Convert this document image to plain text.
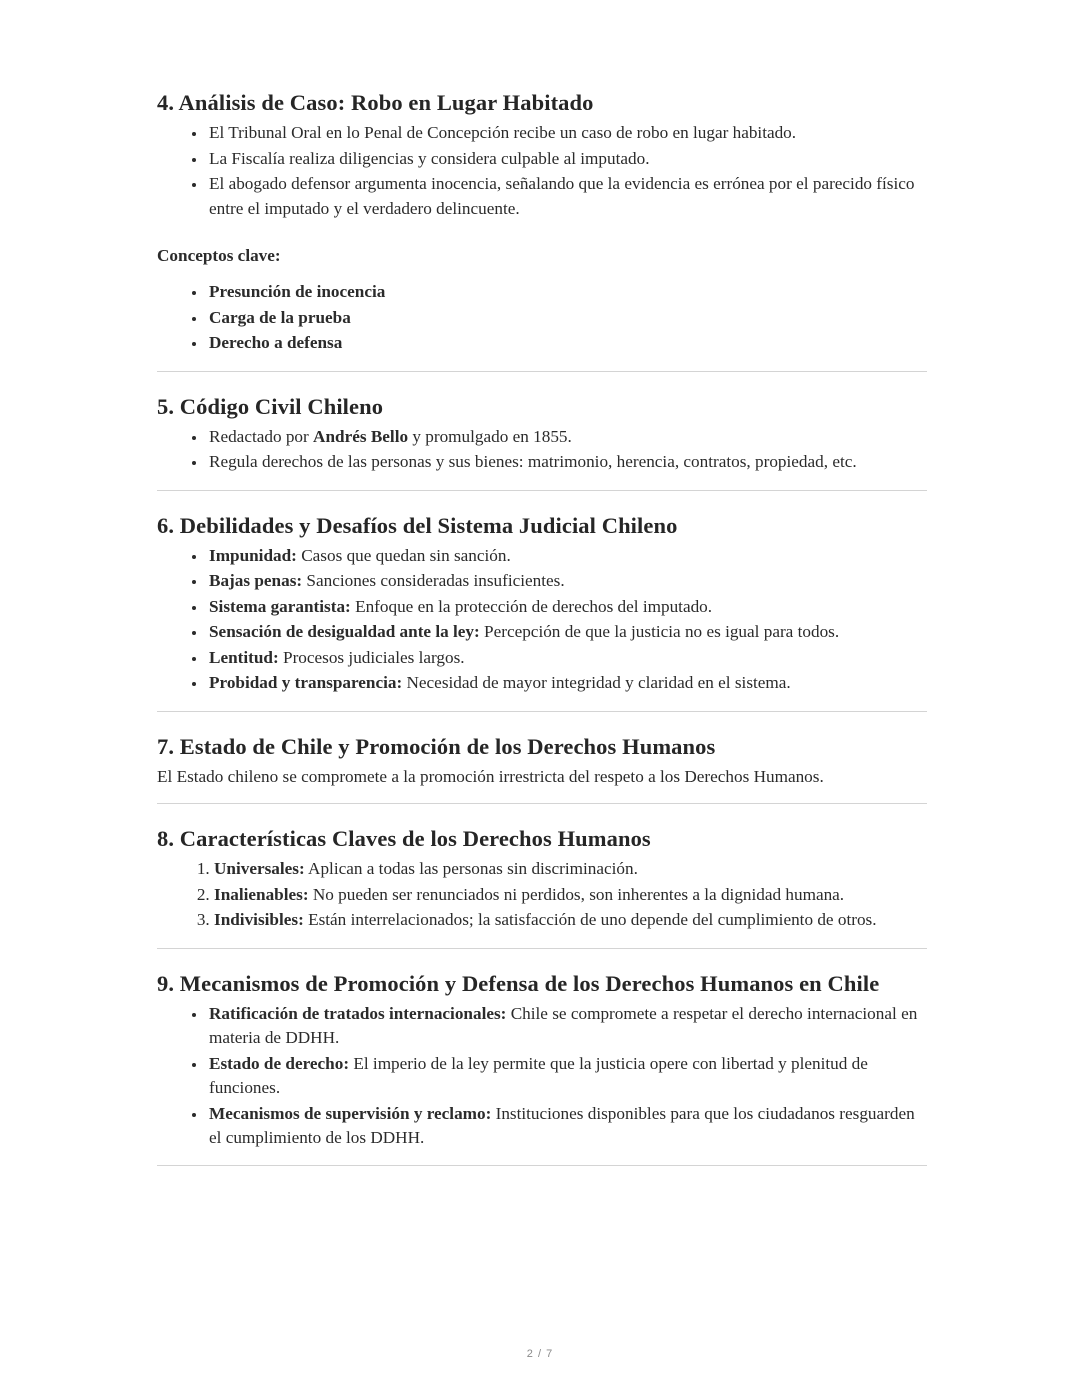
4. Análisis de Caso: Robo en Lugar Habitado
• El Tribunal Oral en lo Penal de Concepción recibe un caso de robo en lugar habitado.
• La Fiscalía realiza diligencias y considera culpable al imputado.
• El abogado defensor argumenta inocencia, señalando que la evidencia es errónea por el parecido físico entre el imputado y el verdadero delincuente.

Conceptos clave:

• Presunción de inocencia
• Carga de la prueba
• Derecho a defensa
5. Código Civil Chileno
• Redactado por Andrés Bello y promulgado en 1855.
• Regula derechos de las personas y sus bienes: matrimonio, herencia, contratos, propiedad, etc.
6. Debilidades y Desafíos del Sistema Judicial Chileno
• Impunidad: Casos que quedan sin sanción.
• Bajas penas: Sanciones consideradas insuficientes.
• Sistema garantista: Enfoque en la protección de derechos del imputado.
• Sensación de desigualdad ante la ley: Percepción de que la justicia no es igual para todos.
• Lentitud: Procesos judiciales largos.
• Probidad y transparencia: Necesidad de mayor integridad y claridad en el sistema.
7. Estado de Chile y Promoción de los Derechos Humanos

El Estado chileno se compromete a la promoción irrestricta del respeto a los Derechos Humanos.

8. Características Claves de los Derechos Humanos
1. Universales: Aplican a todas las personas sin discriminación.
2. Inalienables: No pueden ser renunciados ni perdidos, son inherentes a la dignidad humana.
3. Indivisibles: Están interrelacionados; la satisfacción de uno depende del cumplimiento de otros.
9. Mecanismos de Promoción y Defensa de los Derechos Humanos en Chile
• Ratificación de tratados internacionales: Chile se compromete a respetar el derecho internacional en materia de DDHH.
• Estado de derecho: El imperio de la ley permite que la justicia opere con libertad y plenitud de funciones.
• Mecanismos de supervisión y reclamo: Instituciones disponibles para que los ciudadanos resguarden el cumplimiento de los DDHH.
2 / 7
